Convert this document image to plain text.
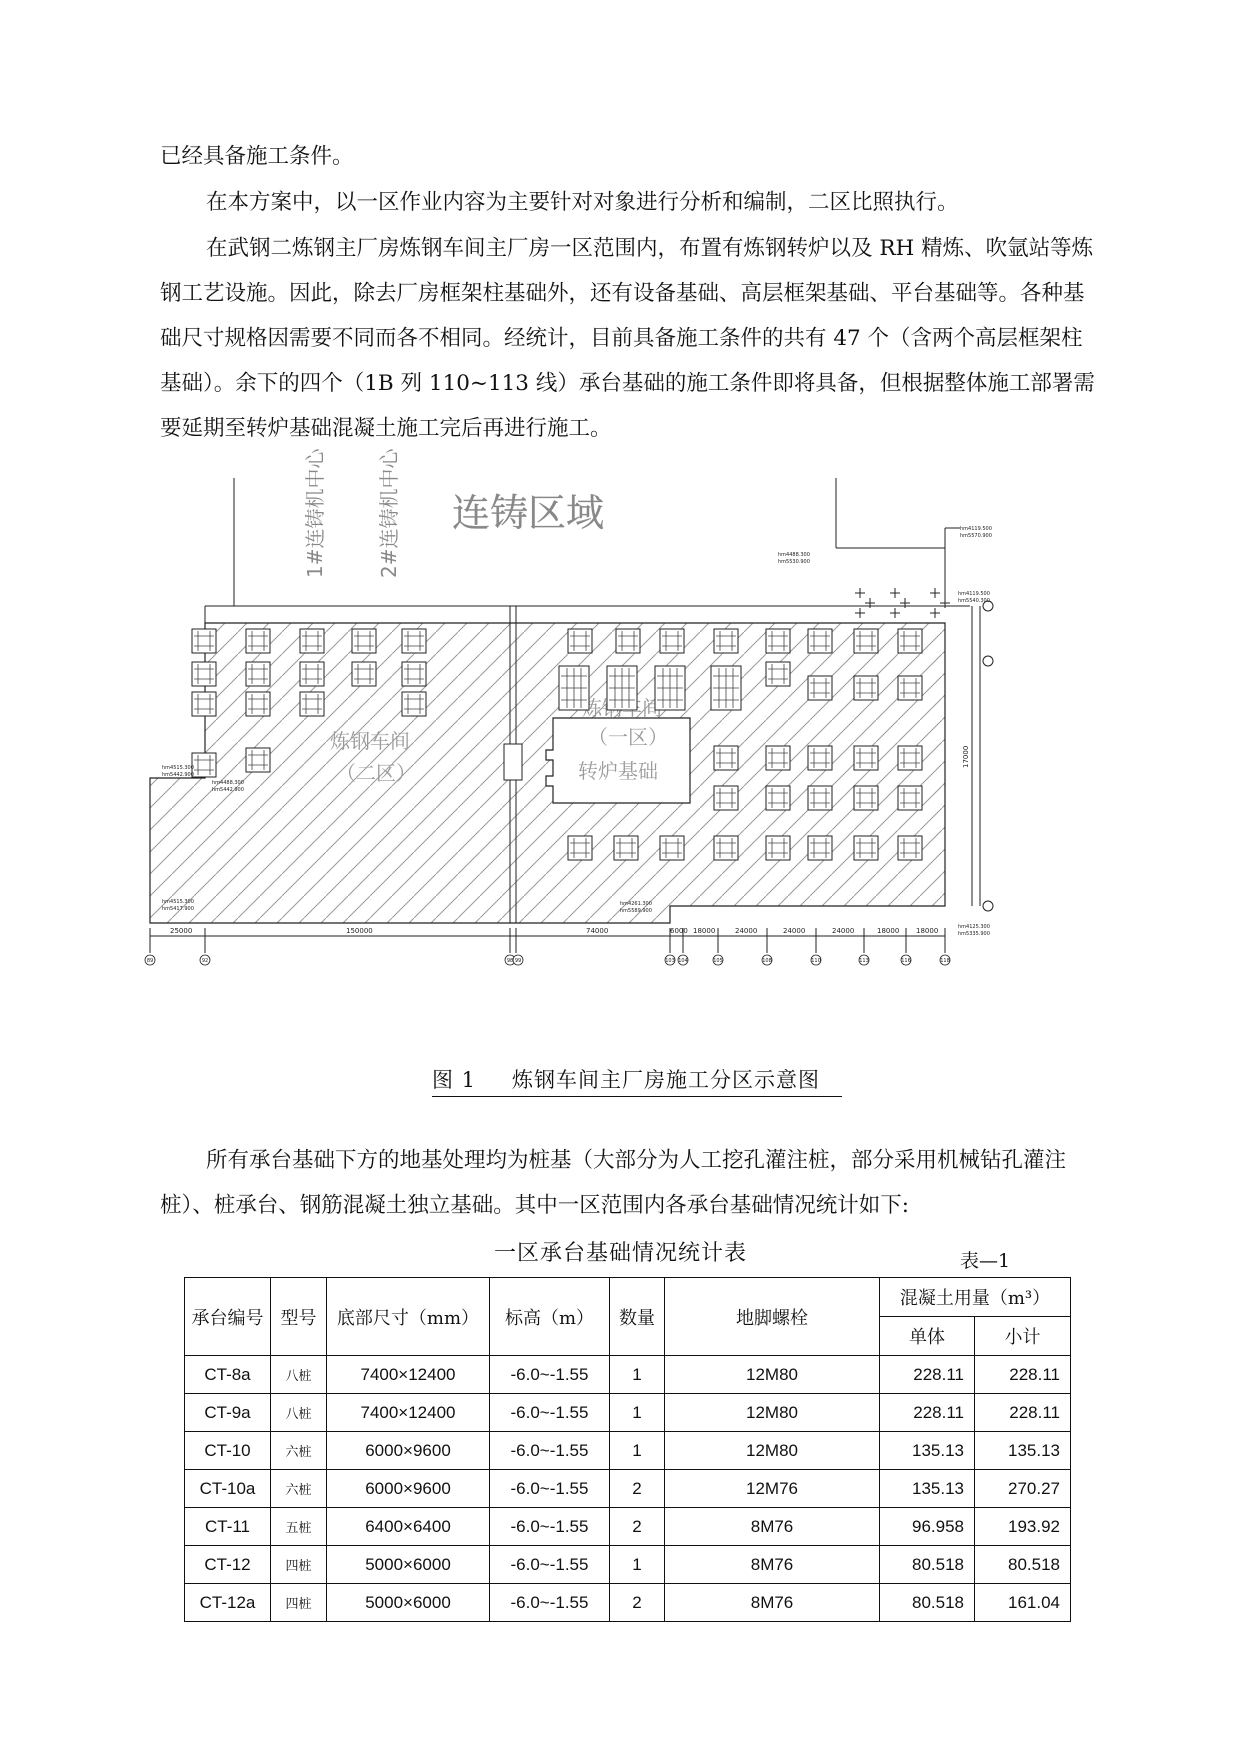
已经具备施工条件。

在本方案中，以一区作业内容为主要针对对象进行分析和编制，二区比照执行。

在武钢二炼钢主厂房炼钢车间主厂房一区范围内，布置有炼钢转炉以及 RH 精炼、吹氩站等炼钢工艺设施。因此，除去厂房框架柱基础外，还有设备基础、高层框架基础、平台基础等。各种基础尺寸规格因需要不同而各不相同。经统计，目前具备施工条件的共有 47 个（含两个高层框架柱基础）。余下的四个（1B 列 110~113 线）承台基础的施工条件即将具备，但根据整体施工部署需要延期至转炉基础混凝土施工完后再进行施工。

连铸区域
1#连铸机中心	2#连铸机中心
炼钢车间
（二区）
（一区）
转炉基础
17000
25000	150000	74000	6000 18000	24000	24000	24000	18000 18000
89	92	98 99	103 104	105	108	110	113	116	118
hm4119.500
hm5570.900
hm4488.300
hm5530.900
hm4119.500
hm5540.300
hm4515.300
hm5442.900
hm4488.300
hm5442.900
hm4515.300
hm5417.900
hm4261.300
hm5589.900
hm4125.300
hm5335.900
图 1 炼钢车间主厂房施工分区示意图

所有承台基础下方的地基处理均为桩基（大部分为人工挖孔灌注桩，部分采用机械钻孔灌注桩）、桩承台、钢筋混凝土独立基础。其中一区范围内各承台基础情况统计如下:

一区承台基础情况统计表	表—1
承台编号	型号	底部尺寸（mm）	标高（m）	数量	地脚螺栓	混凝土用量（m³）	
						单体	小计
CT-8a	八桩	7400×12400	-6.0~-1.55	1	12M80	228.11	228.11
CT-9a	八桩	7400×12400	-6.0~-1.55	1	12M80	228.11	228.11
CT-10	六桩	6000×9600	-6.0~-1.55	1	12M80	135.13	135.13
CT-10a	六桩	6000×9600	-6.0~-1.55	2	12M76	135.13	270.27
CT-11	五桩	6400×6400	-6.0~-1.55	2	8M76	96.958	193.92
CT-12	四桩	5000×6000	-6.0~-1.55	1	8M76	80.518	80.518
CT-12a	四桩	5000×6000	-6.0~-1.55	2	8M76	80.518	161.04
